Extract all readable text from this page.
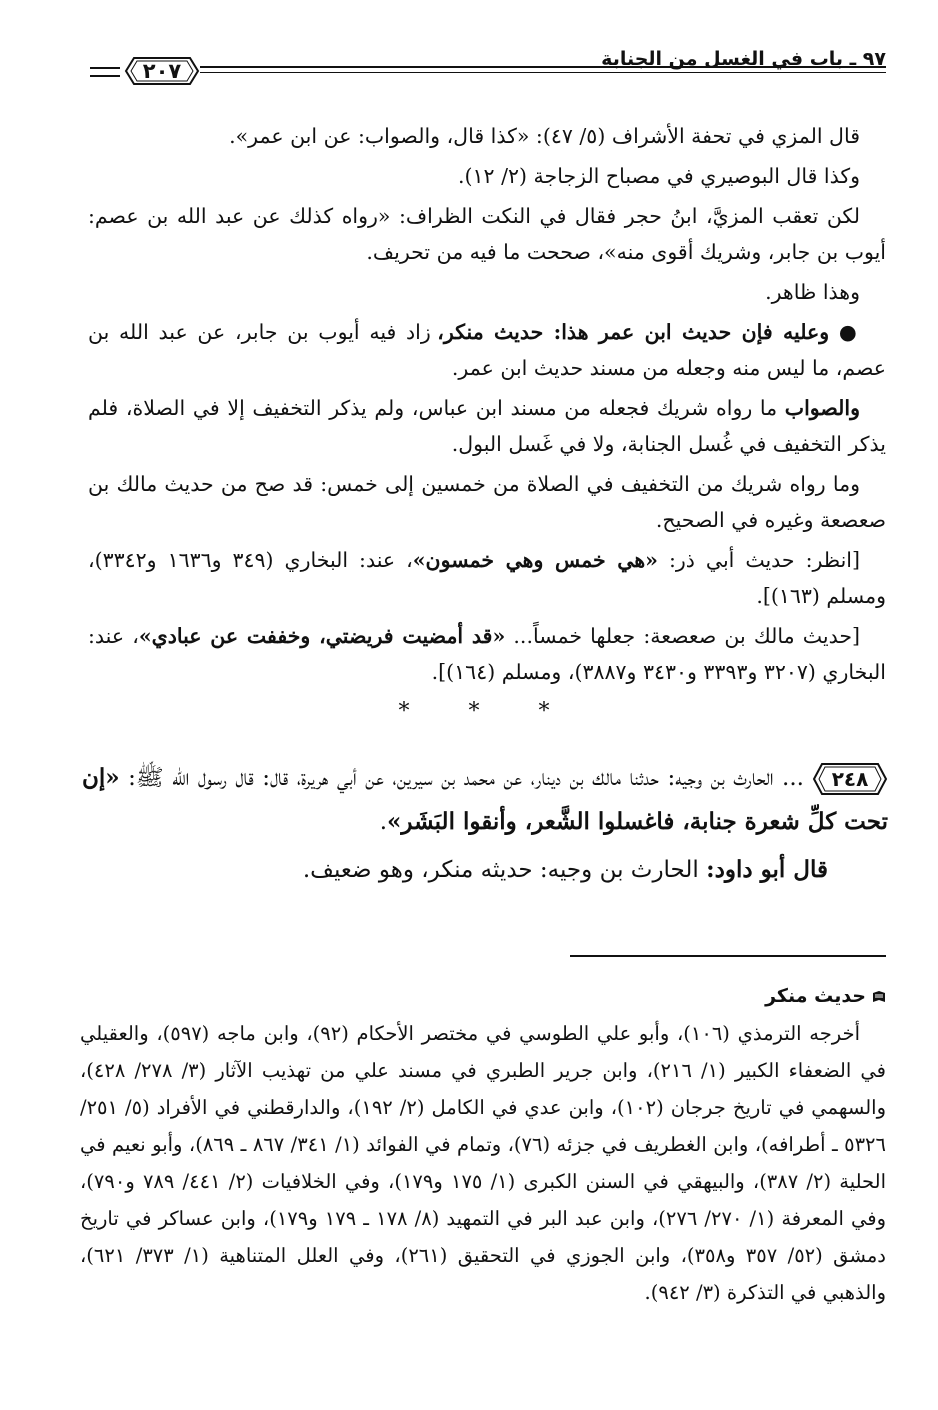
٩٧ ـ باب في الغسل من الجنابة
٢٠٧

قال المزي في تحفة الأشراف (٥/ ٤٧): «كذا قال، والصواب: عن ابن عمر».

وكذا قال البوصيري في مصباح الزجاجة (٢/ ١٢).

لكن تعقب المزيَّ، ابنُ حجر فقال في النكت الظراف: «رواه كذلك عن عبد الله بن عصم: أيوب بن جابر، وشريك أقوى منه»، صححت ما فيه من تحريف.

وهذا ظاهر.

● وعليه فإن حديث ابن عمر هذا: حديث منكر، زاد فيه أيوب بن جابر، عن عبد الله بن عصم، ما ليس منه وجعله من مسند حديث ابن عمر.

والصواب ما رواه شريك فجعله من مسند ابن عباس، ولم يذكر التخفيف إلا في الصلاة، فلم يذكر التخفيف في غُسل الجنابة، ولا في غَسل البول.

وما رواه شريك من التخفيف في الصلاة من خمسين إلى خمس: قد صح من حديث مالك بن صعصعة وغيره في الصحيح.

[انظر: حديث أبي ذر: «هي خمس وهي خمسون»، عند: البخاري (٣٤٩ و١٦٣٦ و٣٣٤٢)، ومسلم (١٦٣)].

[حديث مالك بن صعصعة: جعلها خمساً... «قد أمضيت فريضتي، وخففت عن عبادي»، عند: البخاري (٣٢٠٧ و٣٣٩٣ و٣٤٣٠ و٣٨٨٧)، ومسلم (١٦٤)].

* * *

٢٤٨
... الحارث بن وجيه: حدثنا مالك بن دينار، عن محمد بن سيرين، عن أبي هريرة، قال: قال رسول الله ﷺ: «إن تحت كلِّ شعرة جنابة، فاغسلوا الشَّعر، وأنقوا البَشَر».

قال أبو داود: الحارث بن وجيه: حديثه منكر، وهو ضعيف.

حديث منكر

أخرجه الترمذي (١٠٦)، وأبو علي الطوسي في مختصر الأحكام (٩٢)، وابن ماجه (٥٩٧)، والعقيلي في الضعفاء الكبير (١/ ٢١٦)، وابن جرير الطبري في مسند علي من تهذيب الآثار (٣/ ٢٧٨/ ٤٢٨)، والسهمي في تاريخ جرجان (١٠٢)، وابن عدي في الكامل (٢/ ١٩٢)، والدارقطني في الأفراد (٥/ ٢٥١/ ٥٣٢٦ ـ أطرافه)، وابن الغطريف في جزئه (٧٦)، وتمام في الفوائد (١/ ٣٤١/ ٨٦٧ ـ ٨٦٩)، وأبو نعيم في الحلية (٢/ ٣٨٧)، والبيهقي في السنن الكبرى (١/ ١٧٥ و١٧٩)، وفي الخلافيات (٢/ ٤٤١/ ٧٨٩ و٧٩٠)، وفي المعرفة (١/ ٢٧٠/ ٢٧٦)، وابن عبد البر في التمهيد (٨/ ١٧٨ ـ ١٧٩ و١٧٩)، وابن عساكر في تاريخ دمشق (٥٢/ ٣٥٧ و٣٥٨)، وابن الجوزي في التحقيق (٢٦١)، وفي العلل المتناهية (١/ ٣٧٣/ ٦٢١)، والذهبي في التذكرة (٣/ ٩٤٢).
